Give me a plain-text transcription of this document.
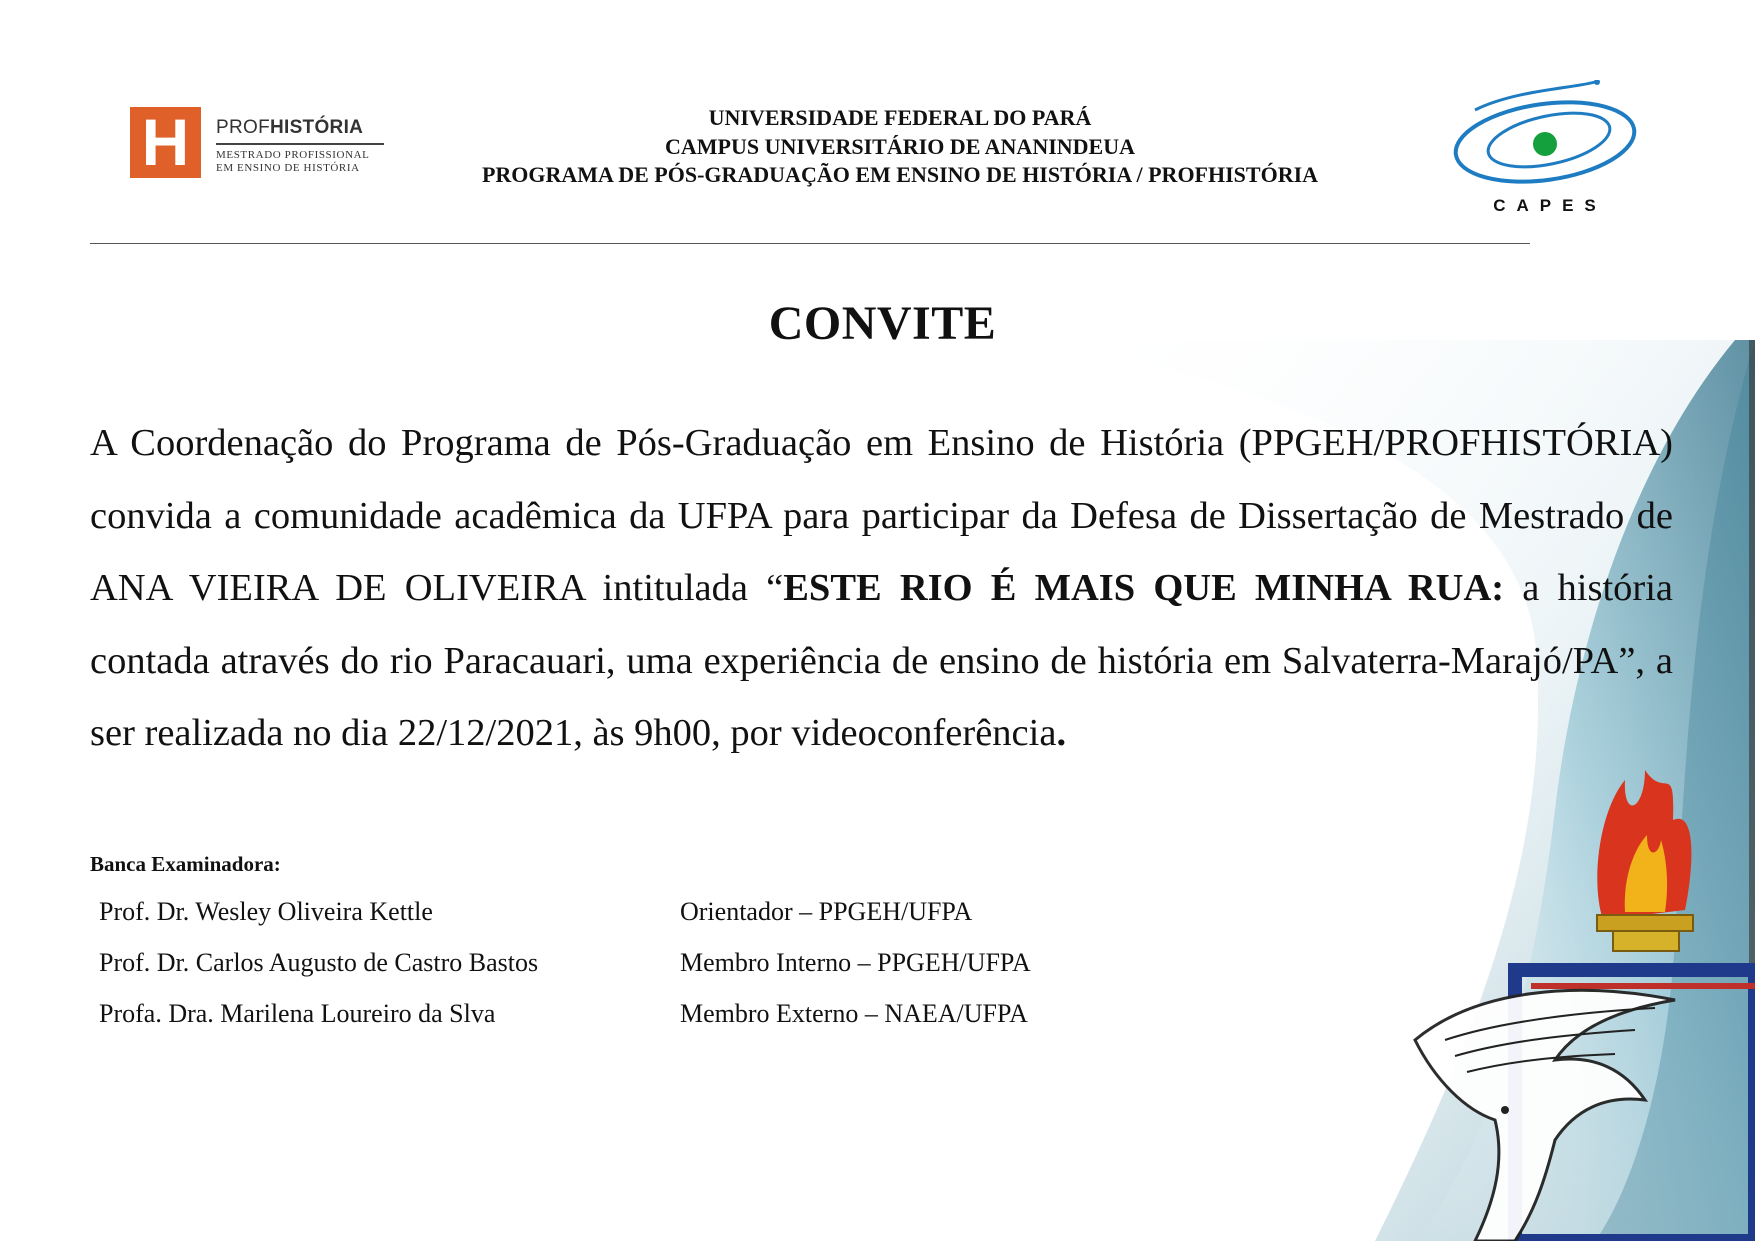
H	PROFHISTÓRIA
MESTRADO PROFISSIONAL
EM ENSINO DE HISTÓRIA
UNIVERSIDADE FEDERAL DO PARÁ
CAMPUS UNIVERSITÁRIO DE ANANINDEUA
PROGRAMA DE PÓS-GRADUAÇÃO EM ENSINO DE HISTÓRIA / PROFHISTÓRIA
CAPES
CONVITE
A Coordenação do Programa de Pós-Graduação em Ensino de História (PPGEH/PROFHISTÓRIA) convida a comunidade acadêmica da UFPA para participar da Defesa de Dissertação de Mestrado de ANA VIEIRA DE OLIVEIRA intitulada “ESTE RIO É MAIS QUE MINHA RUA: a história contada através do rio Paracauari, uma experiência de ensino de história em Salvaterra-Marajó/PA”, a ser realizada no dia 22/12/2021, às 9h00, por videoconferência.
Banca Examinadora:
Prof. Dr. Wesley Oliveira Kettle	Orientador – PPGEH/UFPA
Prof. Dr. Carlos Augusto de Castro Bastos	Membro Interno – PPGEH/UFPA
Profa. Dra. Marilena Loureiro da Slva	Membro Externo – NAEA/UFPA
